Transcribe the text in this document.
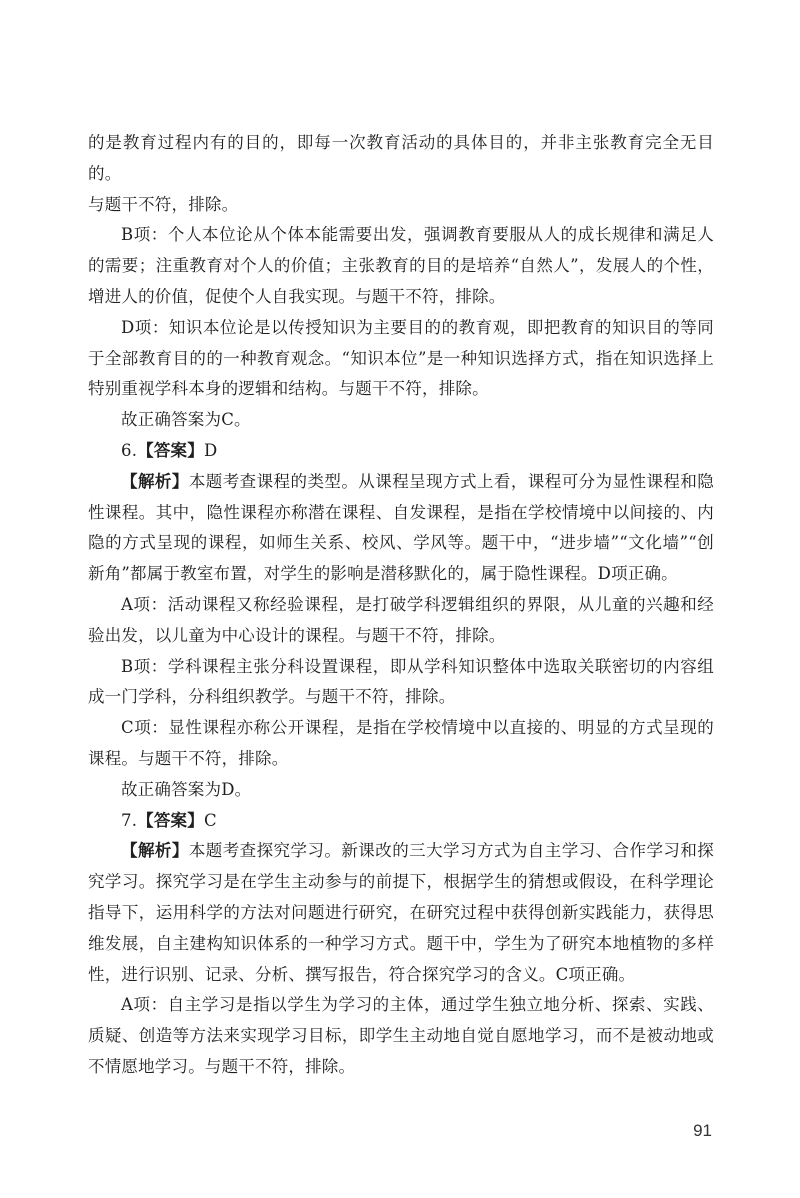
的是教育过程内有的目的，即每一次教育活动的具体目的，并非主张教育完全无目的。
与题干不符，排除。

B项：个人本位论从个体本能需要出发，强调教育要服从人的成长规律和满足人的需要；注重教育对个人的价值；主张教育的目的是培养“自然人”，发展人的个性，增进人的价值，促使个人自我实现。与题干不符，排除。

D项：知识本位论是以传授知识为主要目的的教育观，即把教育的知识目的等同于全部教育目的的一种教育观念。“知识本位”是一种知识选择方式，指在知识选择上特别重视学科本身的逻辑和结构。与题干不符，排除。

故正确答案为C。

6.【答案】D

【解析】本题考查课程的类型。从课程呈现方式上看，课程可分为显性课程和隐性课程。其中，隐性课程亦称潜在课程、自发课程，是指在学校情境中以间接的、内隐的方式呈现的课程，如师生关系、校风、学风等。题干中，“进步墙”“文化墙”“创新角”都属于教室布置，对学生的影响是潜移默化的，属于隐性课程。D项正确。

A项：活动课程又称经验课程，是打破学科逻辑组织的界限，从儿童的兴趣和经验出发，以儿童为中心设计的课程。与题干不符，排除。

B项：学科课程主张分科设置课程，即从学科知识整体中选取关联密切的内容组成一门学科，分科组织教学。与题干不符，排除。

C项：显性课程亦称公开课程，是指在学校情境中以直接的、明显的方式呈现的课程。与题干不符，排除。

故正确答案为D。

7.【答案】C

【解析】本题考查探究学习。新课改的三大学习方式为自主学习、合作学习和探究学习。探究学习是在学生主动参与的前提下，根据学生的猜想或假设，在科学理论指导下，运用科学的方法对问题进行研究，在研究过程中获得创新实践能力，获得思维发展，自主建构知识体系的一种学习方式。题干中，学生为了研究本地植物的多样性，进行识别、记录、分析、撰写报告，符合探究学习的含义。C项正确。

A项：自主学习是指以学生为学习的主体，通过学生独立地分析、探索、实践、质疑、创造等方法来实现学习目标，即学生主动地自觉自愿地学习，而不是被动地或不情愿地学习。与题干不符，排除。

91
